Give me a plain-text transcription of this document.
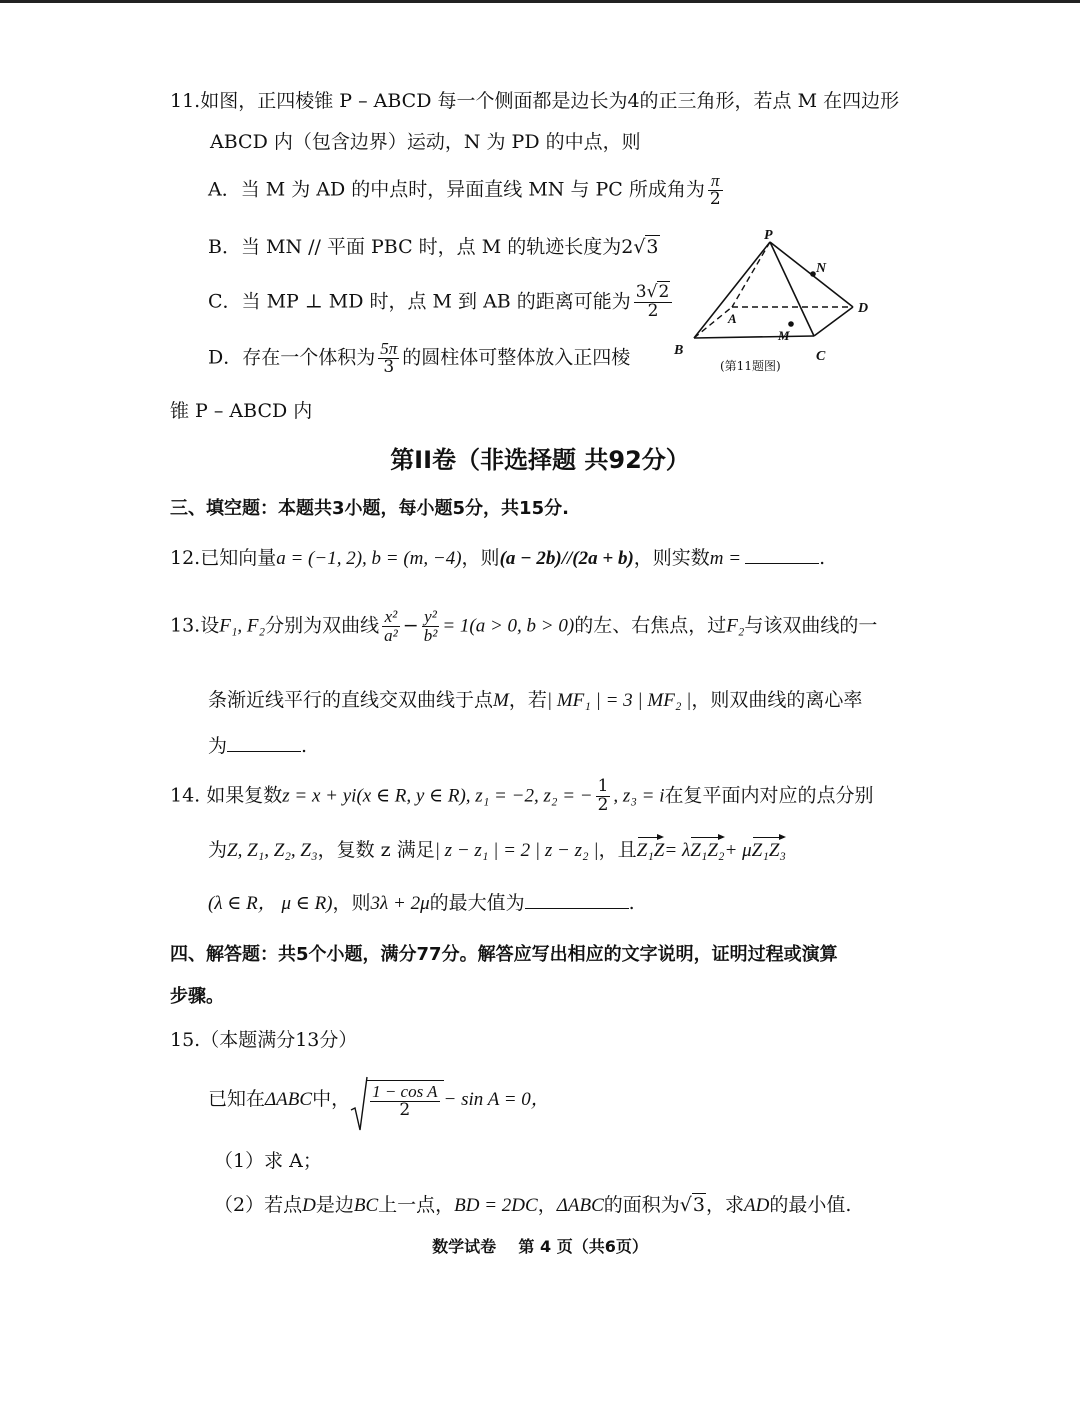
11.如图，正四棱锥 P – ABCD 每一个侧面都是边长为4的正三角形，若点 M 在四边形
ABCD 内（包含边界）运动，N 为 PD 的中点，则
A．当 M 为 AD 的中点时，异面直线 MN 与 PC 所成角为 $\frac{\pi}{2}$
B．当 MN // 平面 PBC 时，点 M 的轨迹长度为2√3
C．当 MP ⊥ MD 时，点 M 到 AB 的距离可能为 $\frac{3√2}{2}$
D．存在一个体积为 $\frac{5\pi}{3}$ 的圆柱体可整体放入正四棱
锥 P – ABCD 内
P
N
D
A
M
B	C
(第11题图)
第II卷（非选择题 共92分）
三、填空题：本题共3小题，每小题5分，共15分.
12.已知向量a = (−1, 2), b = (m, −4)，则(a − 2b)//(2a + b)，则实数m =	.
13.设F₁, F₂分别为双曲线 $\frac{\text{x²}}{\text{a²}} - \frac{\text{y²}}{\text{b²}} = 1(a > 0$, b > 0)的左、右焦点，过F₂与该双曲线的一
条渐近线平行的直线交双曲线于点M，若| MF₁ | = 3 | MF₂ |，则双曲线的离心率
为	.
14. 如果复数z = x + yi(x ∈ R, y ∈ R), z₁ = −2, z₂ = − $\frac{1}{2}$ , z₃ = i在复平面内对应的点分别
为Z, Z₁, Z₂, Z₃，复数 z 满足| z − z₁ | = 2 | z − z₂ |，且Z₁Z= λZ₁Z₂+ μZ₁Z₃
(λ ∈ R， μ ∈ R)，则3λ + 2μ的最大值为	.
四、解答题：共5个小题，满分77分。解答应写出相应的文字说明，证明过程或演算
步骤。
15.（本题满分13分）
已知在ΔABC中， $\frac{\text{1 − cos A}}{2} - \sin A = 0$，
（1）求 A；
（2）若点D是边BC上一点，BD = 2DC，ΔABC的面积为√3，求AD的最小值.
数学试卷    第 4 页（共6页）
